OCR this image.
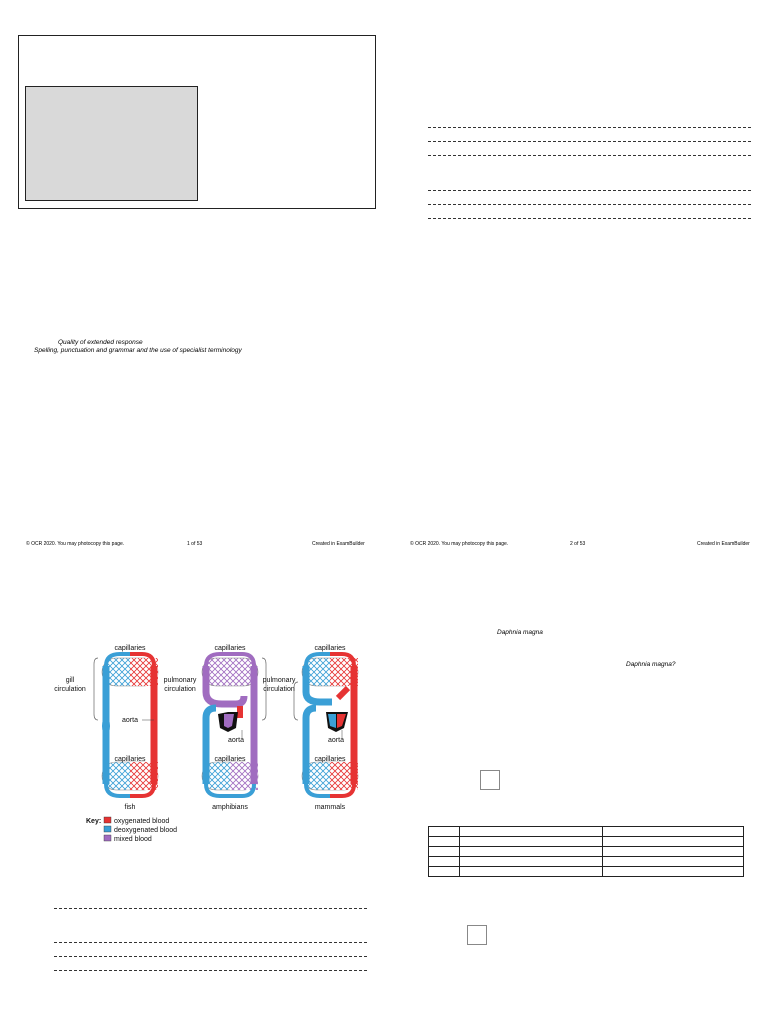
Quality of extended response
Spelling, punctuation and grammar and the use of specialist terminology
© OCR 2020. You may photocopy this page.	1 of 53	Created in ExamBuilder	© OCR 2020. You may photocopy this page.	2 of 53	Created in ExamBuilder
capillaries	capillaries	capillaries
gill
circulation
pulmonary
circulation
pulmonary
circulation
aorta
aorta	aorta
capillaries	capillaries	capillaries
fish	amphibians	mammals
Key: oxygenated blood
deoxygenated blood
mixed blood
Daphnia magna
Daphnia magna?
